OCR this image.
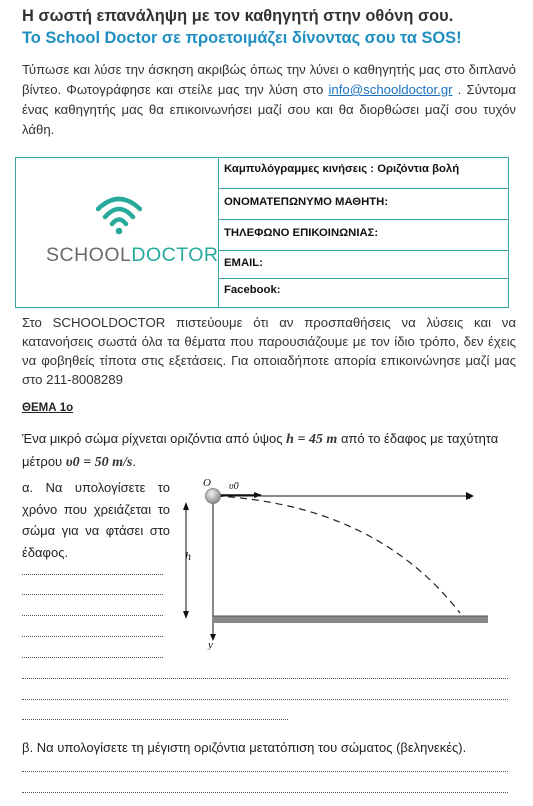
Η σωστή επανάληψη με τον καθηγητή στην οθόνη σου.
Το School Doctor σε προετοιμάζει δίνοντας σου τα SOS!
Τύπωσε και λύσε την άσκηση ακριβώς όπως την λύνει ο καθηγητής μας στο διπλανό βίντεο. Φωτογράφησε και στείλε μας την λύση στο info@schooldoctor.gr . Σύντομα ένας καθηγητής μας θα επικοινωνήσει μαζί σου και θα διορθώσει μαζί σου τυχόν λάθη.
SCHOOLDOCTOR
Καμπυλόγραμμες κινήσεις : Οριζόντια βολή
ΟΝΟΜΑΤΕΠΩΝΥΜΟ ΜΑΘΗΤΗ:
ΤΗΛΕΦΩΝΟ ΕΠΙΚΟΙΝΩΝΙΑΣ:
EMAIL:
Facebook:
Στο SCHOOLDOCTOR πιστεύουμε ότι αν προσπαθήσεις να λύσεις και να κατανοήσεις σωστά όλα τα θέματα που παρουσιάζουμε με τον ίδιο τρόπο, δεν έχεις να φοβηθείς τίποτα στις εξετάσεις. Για οποιαδήποτε απορία επικοινώνησε μαζί μας στο 211-8008289
ΘΕΜΑ 1ο
Ένα μικρό σώμα ρίχνεται οριζόντια από ύψος h = 45 m από το έδαφος με ταχύτητα μέτρου υ0 = 50 m/s.
α. Να υπολογίσετε το χρόνο που χρειάζεται το σώμα για να φτάσει στο έδαφος.
O υ0
x
y
h
β. Να υπολογίσετε τη μέγιστη οριζόντια μετατόπιση του σώματος (βεληνεκές).
